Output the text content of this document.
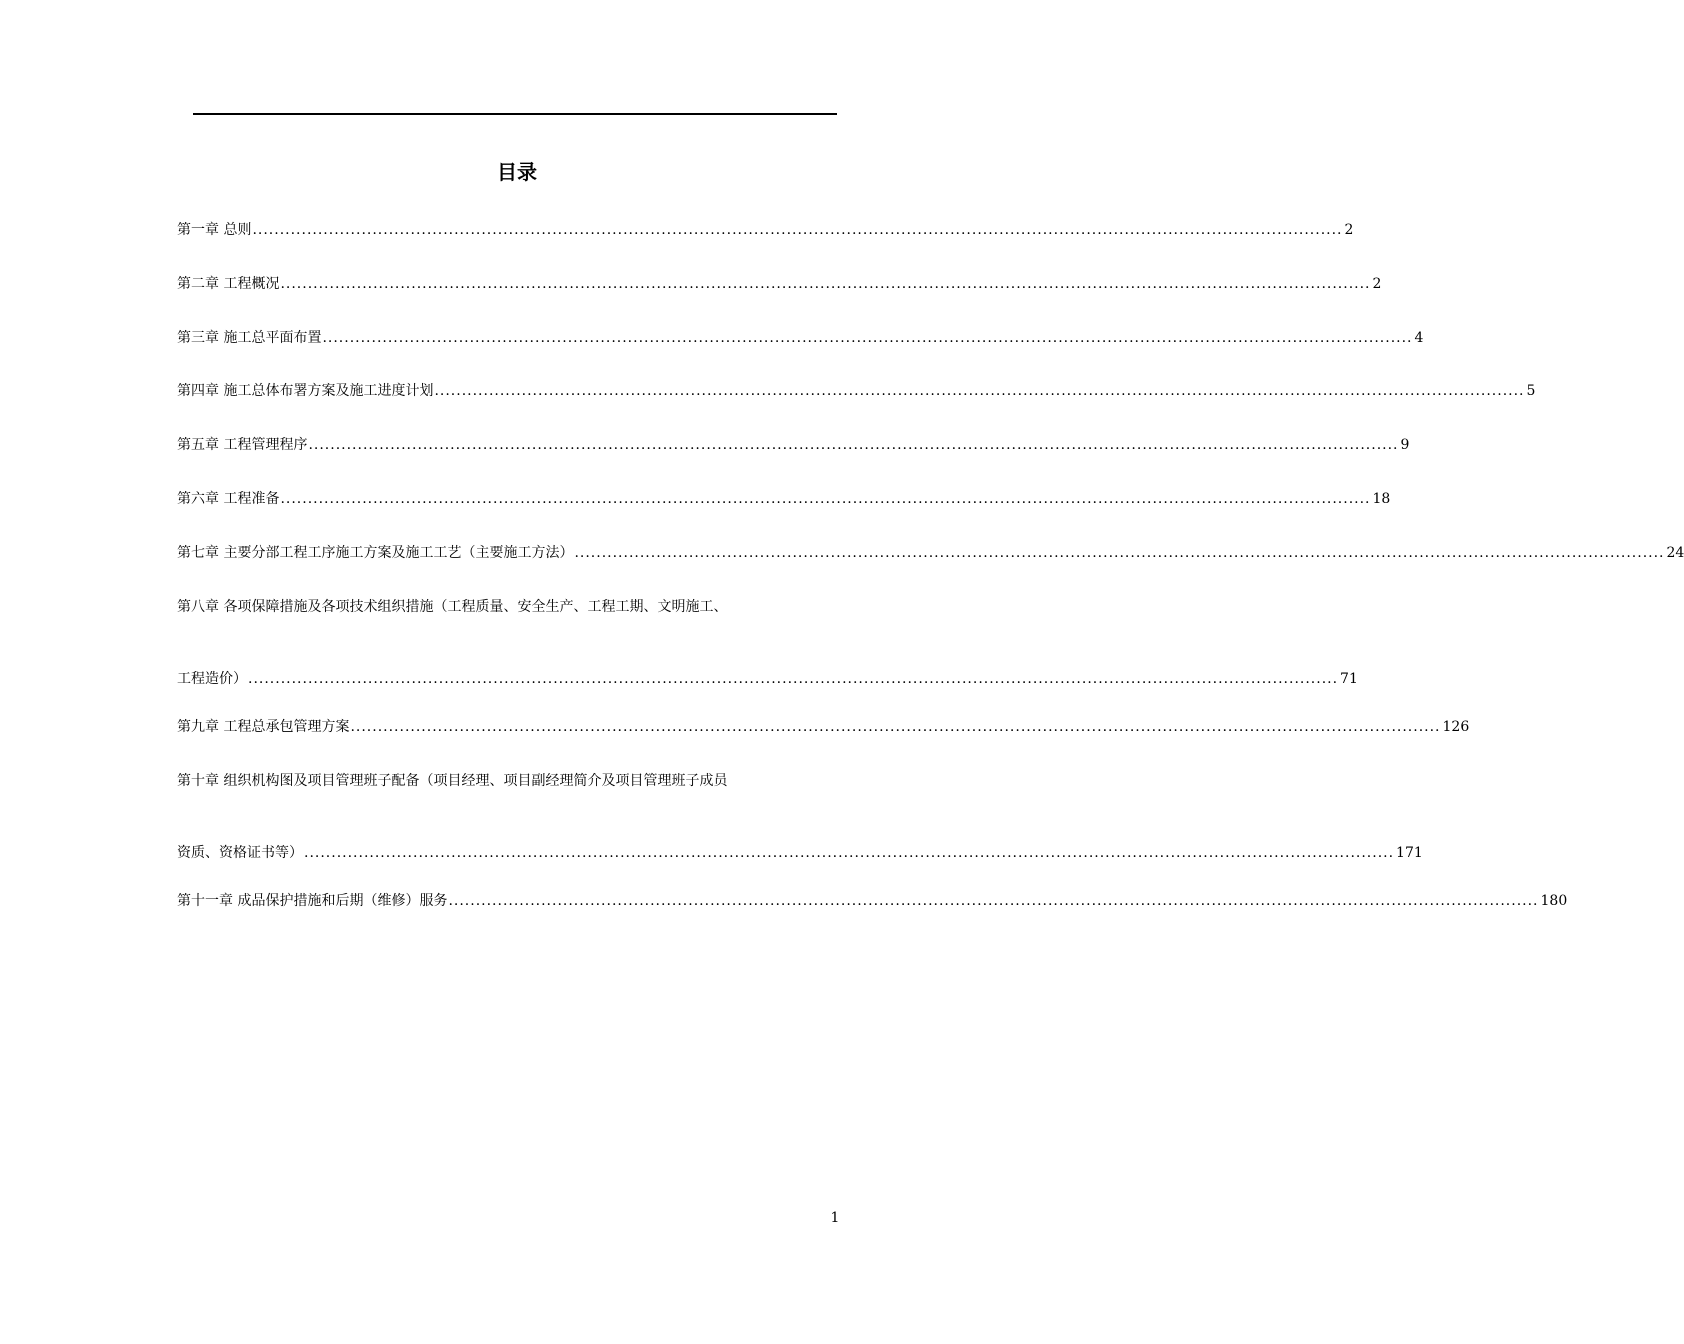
目录
第一章 总则 ........................................................................................................................................................................................................ 2
第二章 工程概况 ........................................................................................................................................................................................................ 2
第三章 施工总平面布置 ........................................................................................................................................................................................................ 4
第四章 施工总体布署方案及施工进度计划 ........................................................................................................................................................................................................ 5
第五章 工程管理程序 ........................................................................................................................................................................................................ 9
第六章 工程准备 ........................................................................................................................................................................................................ 18
第七章 主要分部工程工序施工方案及施工工艺（主要施工方法） ........................................................................................................................................................................................................ 24
第八章 各项保障措施及各项技术组织措施（工程质量、安全生产、工程工期、文明施工、
工程造价） ........................................................................................................................................................................................................ 71
第九章 工程总承包管理方案 ........................................................................................................................................................................................................ 126
第十章 组织机构图及项目管理班子配备（项目经理、项目副经理简介及项目管理班子成员
资质、资格证书等） ........................................................................................................................................................................................................ 171
第十一章 成品保护措施和后期（维修）服务 ........................................................................................................................................................................................................ 180
1
